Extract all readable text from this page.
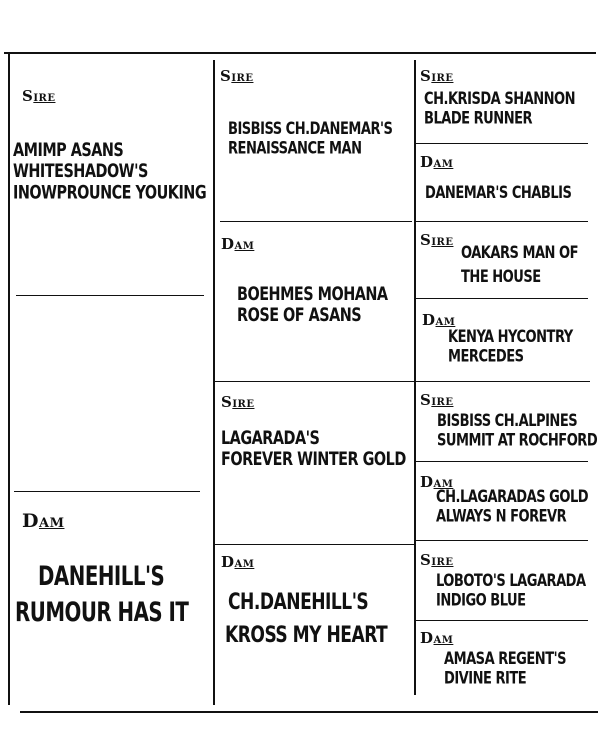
SIRE
AMIMP ASANS
WHITESHADOW'S
INOWPROUNCE YOUKING
DAM
DANEHILL'S
RUMOUR HAS IT
SIRE
BISBISS CH.DANEMAR'S
RENAISSANCE MAN
DAM
BOEHMES MOHANA
ROSE OF ASANS
SIRE
LAGARADA'S
FOREVER WINTER GOLD
DAM
CH.DANEHILL'S
KROSS MY HEART
SIRE
CH.KRISDA SHANNON
BLADE RUNNER
DAM
DANEMAR'S CHABLIS
SIRE
OAKARS MAN OF
THE HOUSE
DAM
KENYA HYCONTRY
MERCEDES
SIRE
BISBISS CH.ALPINES
SUMMIT AT ROCHFORD
DAM
CH.LAGARADAS GOLD
ALWAYS N FOREVR
SIRE
LOBOTO'S LAGARADA
INDIGO BLUE
DAM
AMASA REGENT'S
DIVINE RITE
